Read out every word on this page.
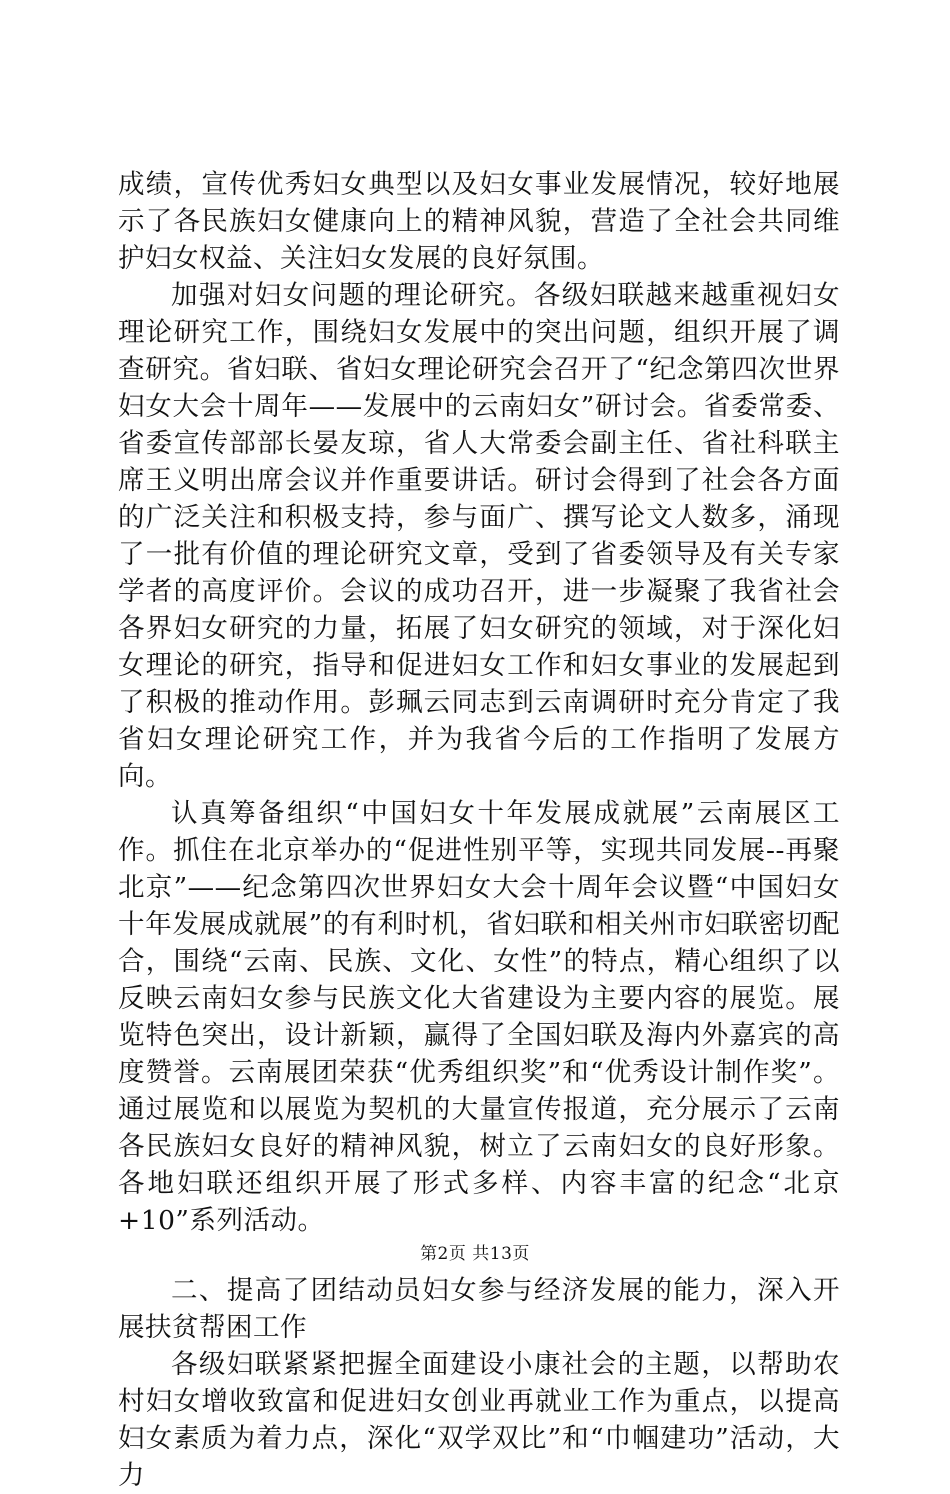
成绩，宣传优秀妇女典型以及妇女事业发展情况，较好地展示了各民族妇女健康向上的精神风貌，营造了全社会共同维护妇女权益、关注妇女发展的良好氛围。

加强对妇女问题的理论研究。各级妇联越来越重视妇女理论研究工作，围绕妇女发展中的突出问题，组织开展了调查研究。省妇联、省妇女理论研究会召开了“纪念第四次世界妇女大会十周年——发展中的云南妇女”研讨会。省委常委、省委宣传部部长晏友琼，省人大常委会副主任、省社科联主席王义明出席会议并作重要讲话。研讨会得到了社会各方面的广泛关注和积极支持，参与面广、撰写论文人数多，涌现了一批有价值的理论研究文章，受到了省委领导及有关专家学者的高度评价。会议的成功召开，进一步凝聚了我省社会各界妇女研究的力量，拓展了妇女研究的领域，对于深化妇女理论的研究，指导和促进妇女工作和妇女事业的发展起到了积极的推动作用。彭珮云同志到云南调研时充分肯定了我省妇女理论研究工作，并为我省今后的工作指明了发展方向。

认真筹备组织“中国妇女十年发展成就展”云南展区工作。抓住在北京举办的“促进性别平等，实现共同发展--再聚北京”——纪念第四次世界妇女大会十周年会议暨“中国妇女十年发展成就展”的有利时机，省妇联和相关州市妇联密切配合，围绕“云南、民族、文化、女性”的特点，精心组织了以反映云南妇女参与民族文化大省建设为主要内容的展览。展览特色突出，设计新颖，赢得了全国妇联及海内外嘉宾的高度赞誉。云南展团荣获“优秀组织奖”和“优秀设计制作奖”。通过展览和以展览为契机的大量宣传报道，充分展示了云南各民族妇女良好的精神风貌，树立了云南妇女的良好形象。各地妇联还组织开展了形式多样、内容丰富的纪念“北京+10”系列活动。

二、提高了团结动员妇女参与经济发展的能力，深入开展扶贫帮困工作

各级妇联紧紧把握全面建设小康社会的主题，以帮助农村妇女增收致富和促进妇女创业再就业工作为重点，以提高妇女素质为着力点，深化“双学双比”和“巾帼建功”活动，大力

第2页 共13页
